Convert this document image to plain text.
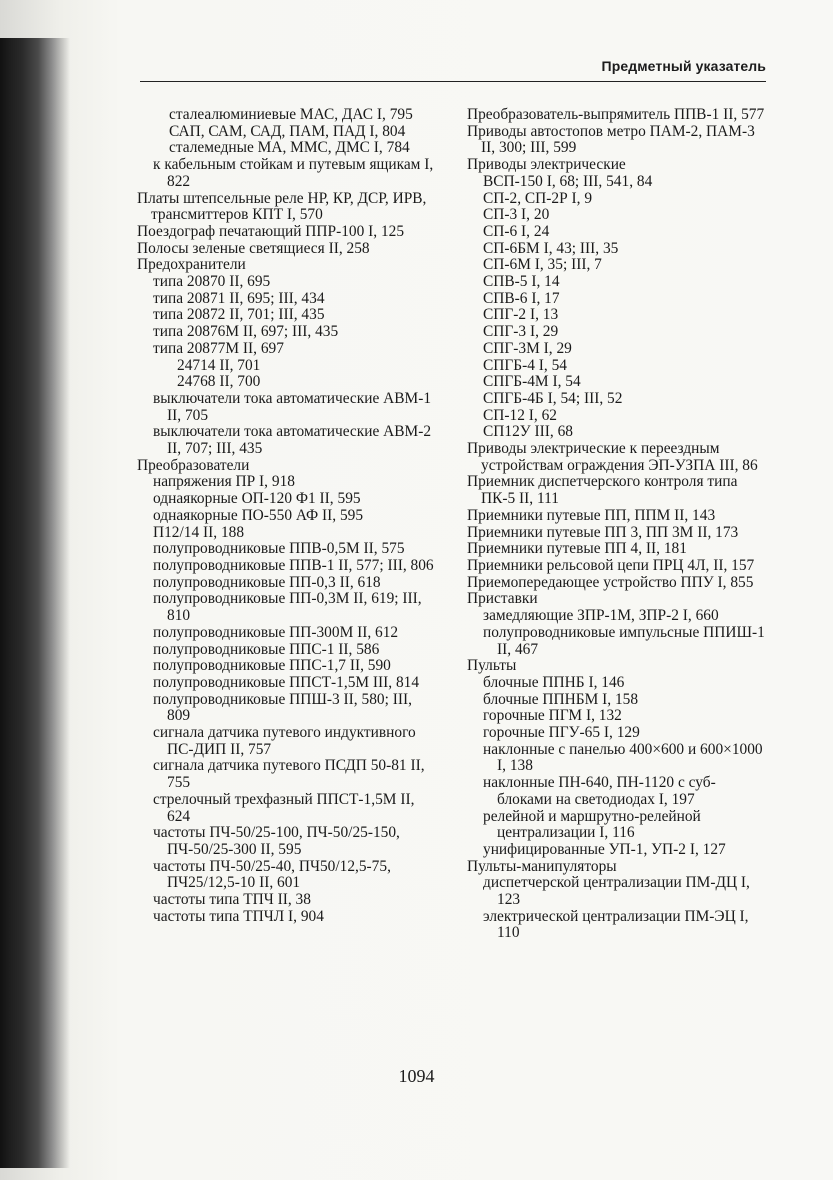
Предметный указатель
сталеалюминиевые МАС, ДАС I, 795
САП, САМ, САД, ПАМ, ПАД I, 804
сталемедные МА, ММС, ДМС I, 784
к кабельным стойкам и путевым ящикам I, 822
Платы штепсельные реле НР, КР, ДСР, ИРВ, трансмиттеров КПТ I, 570
Поездограф печатающий ППР-100 I, 125
Полосы зеленые светящиеся II, 258
Предохранители
типа 20870 II, 695
типа 20871 II, 695; III, 434
типа 20872 II, 701; III, 435
типа 20876М II, 697; III, 435
типа 20877М II, 697
24714 II, 701
24768 II, 700
выключатели тока автоматические АВМ-1 II, 705
выключатели тока автоматические АВМ-2 II, 707; III, 435
Преобразователи
напряжения ПР I, 918
однаякорные ОП-120 Ф1 II, 595
однаякорные ПО-550 АФ II, 595
П12/14 II, 188
полупроводниковые ППВ-0,5М II, 575
полупроводниковые ППВ-1 II, 577; III, 806
полупроводниковые ПП-0,3 II, 618
полупроводниковые ПП-0,3М II, 619; III, 810
полупроводниковые ПП-300М II, 612
полупроводниковые ППС-1 II, 586
полупроводниковые ППС-1,7 II, 590
полупроводниковые ППСТ-1,5М III, 814
полупроводниковые ППШ-3 II, 580; III, 809
сигнала датчика путевого индуктивного ПС-ДИП II, 757
сигнала датчика путевого ПСДП 50-81 II, 755
стрелочный трехфазный ППСТ-1,5М II, 624
частоты ПЧ-50/25-100, ПЧ-50/25-150, ПЧ-50/25-300 II, 595
частоты ПЧ-50/25-40, ПЧ50/12,5-75, ПЧ25/12,5-10 II, 601
частоты типа ТПЧ II, 38
частоты типа ТПЧЛ I, 904
Преобразователь-выпрямитель ППВ-1 II, 577
Приводы автостопов метро ПАМ-2, ПАМ-3 II, 300; III, 599
Приводы электрические
ВСП-150 I, 68; III, 541, 84
СП-2, СП-2Р I, 9
СП-3 I, 20
СП-6 I, 24
СП-6БМ I, 43; III, 35
СП-6М I, 35; III, 7
СПВ-5 I, 14
СПВ-6 I, 17
СПГ-2 I, 13
СПГ-3 I, 29
СПГ-3М I, 29
СПГБ-4 I, 54
СПГБ-4М I, 54
СПГБ-4Б I, 54; III, 52
СП-12 I, 62
СП12У III, 68
Приводы электрические к переездным устройствам ограждения ЭП-УЗПА III, 86
Приемник диспетчерского контроля типа ПК-5 II, 111
Приемники путевые ПП, ППМ II, 143
Приемники путевые ПП 3, ПП 3М II, 173
Приемники путевые ПП 4, II, 181
Приемники рельсовой цепи ПРЦ 4Л, II, 157
Приемопередающее устройство ППУ I, 855
Приставки
замедляющие ЗПР-1М, ЗПР-2 I, 660
полупроводниковые импульсные ППИШ-1 II, 467
Пульты
блочные ППНБ I, 146
блочные ППНБМ I, 158
горочные ПГМ I, 132
горочные ПГУ-65 I, 129
наклонные с панелью 400×600 и 600×1000 I, 138
наклонные ПН-640, ПН-1120 с суб-блоками на светодиодах I, 197
релейной и маршрутно-релейной централизации I, 116
унифицированные УП-1, УП-2 I, 127
Пульты-манипуляторы
диспетчерской централизации ПМ-ДЦ I, 123
электрической централизации ПМ-ЭЦ I, 110
1094
